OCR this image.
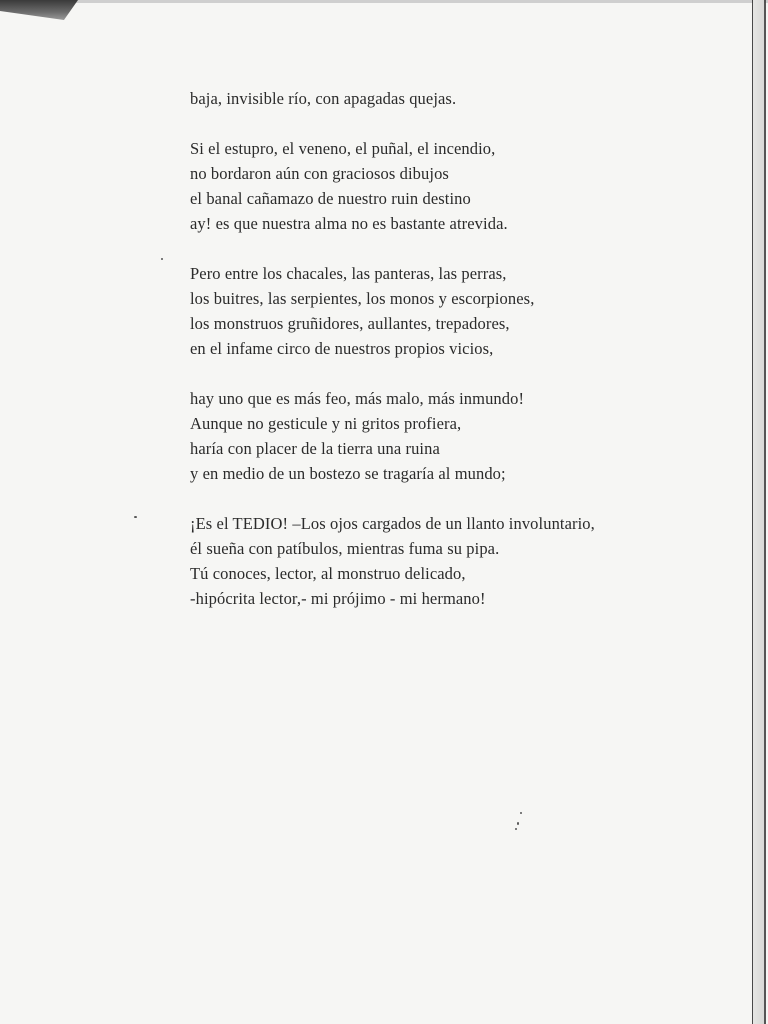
baja, invisible río, con apagadas quejas.
Si el estupro, el veneno, el puñal, el incendio,
no bordaron aún con graciosos dibujos
el banal cañamazo de nuestro ruin destino
ay! es que nuestra alma no es bastante atrevida.
Pero entre los chacales, las panteras, las perras,
los buitres, las serpientes, los monos y escorpiones,
los monstruos gruñidores, aullantes, trepadores,
en el infame circo de nuestros propios vicios,
hay uno que es más feo, más malo, más inmundo!
Aunque no gesticule y ni gritos profiera,
haría con placer de la tierra una ruina
y en medio de un bostezo se tragaría al mundo;
¡Es el TEDIO! –Los ojos cargados de un llanto involuntario,
él sueña con patíbulos, mientras fuma su pipa.
Tú conoces, lector, al monstruo delicado,
-hipócrita lector,- mi prójimo - mi hermano!
